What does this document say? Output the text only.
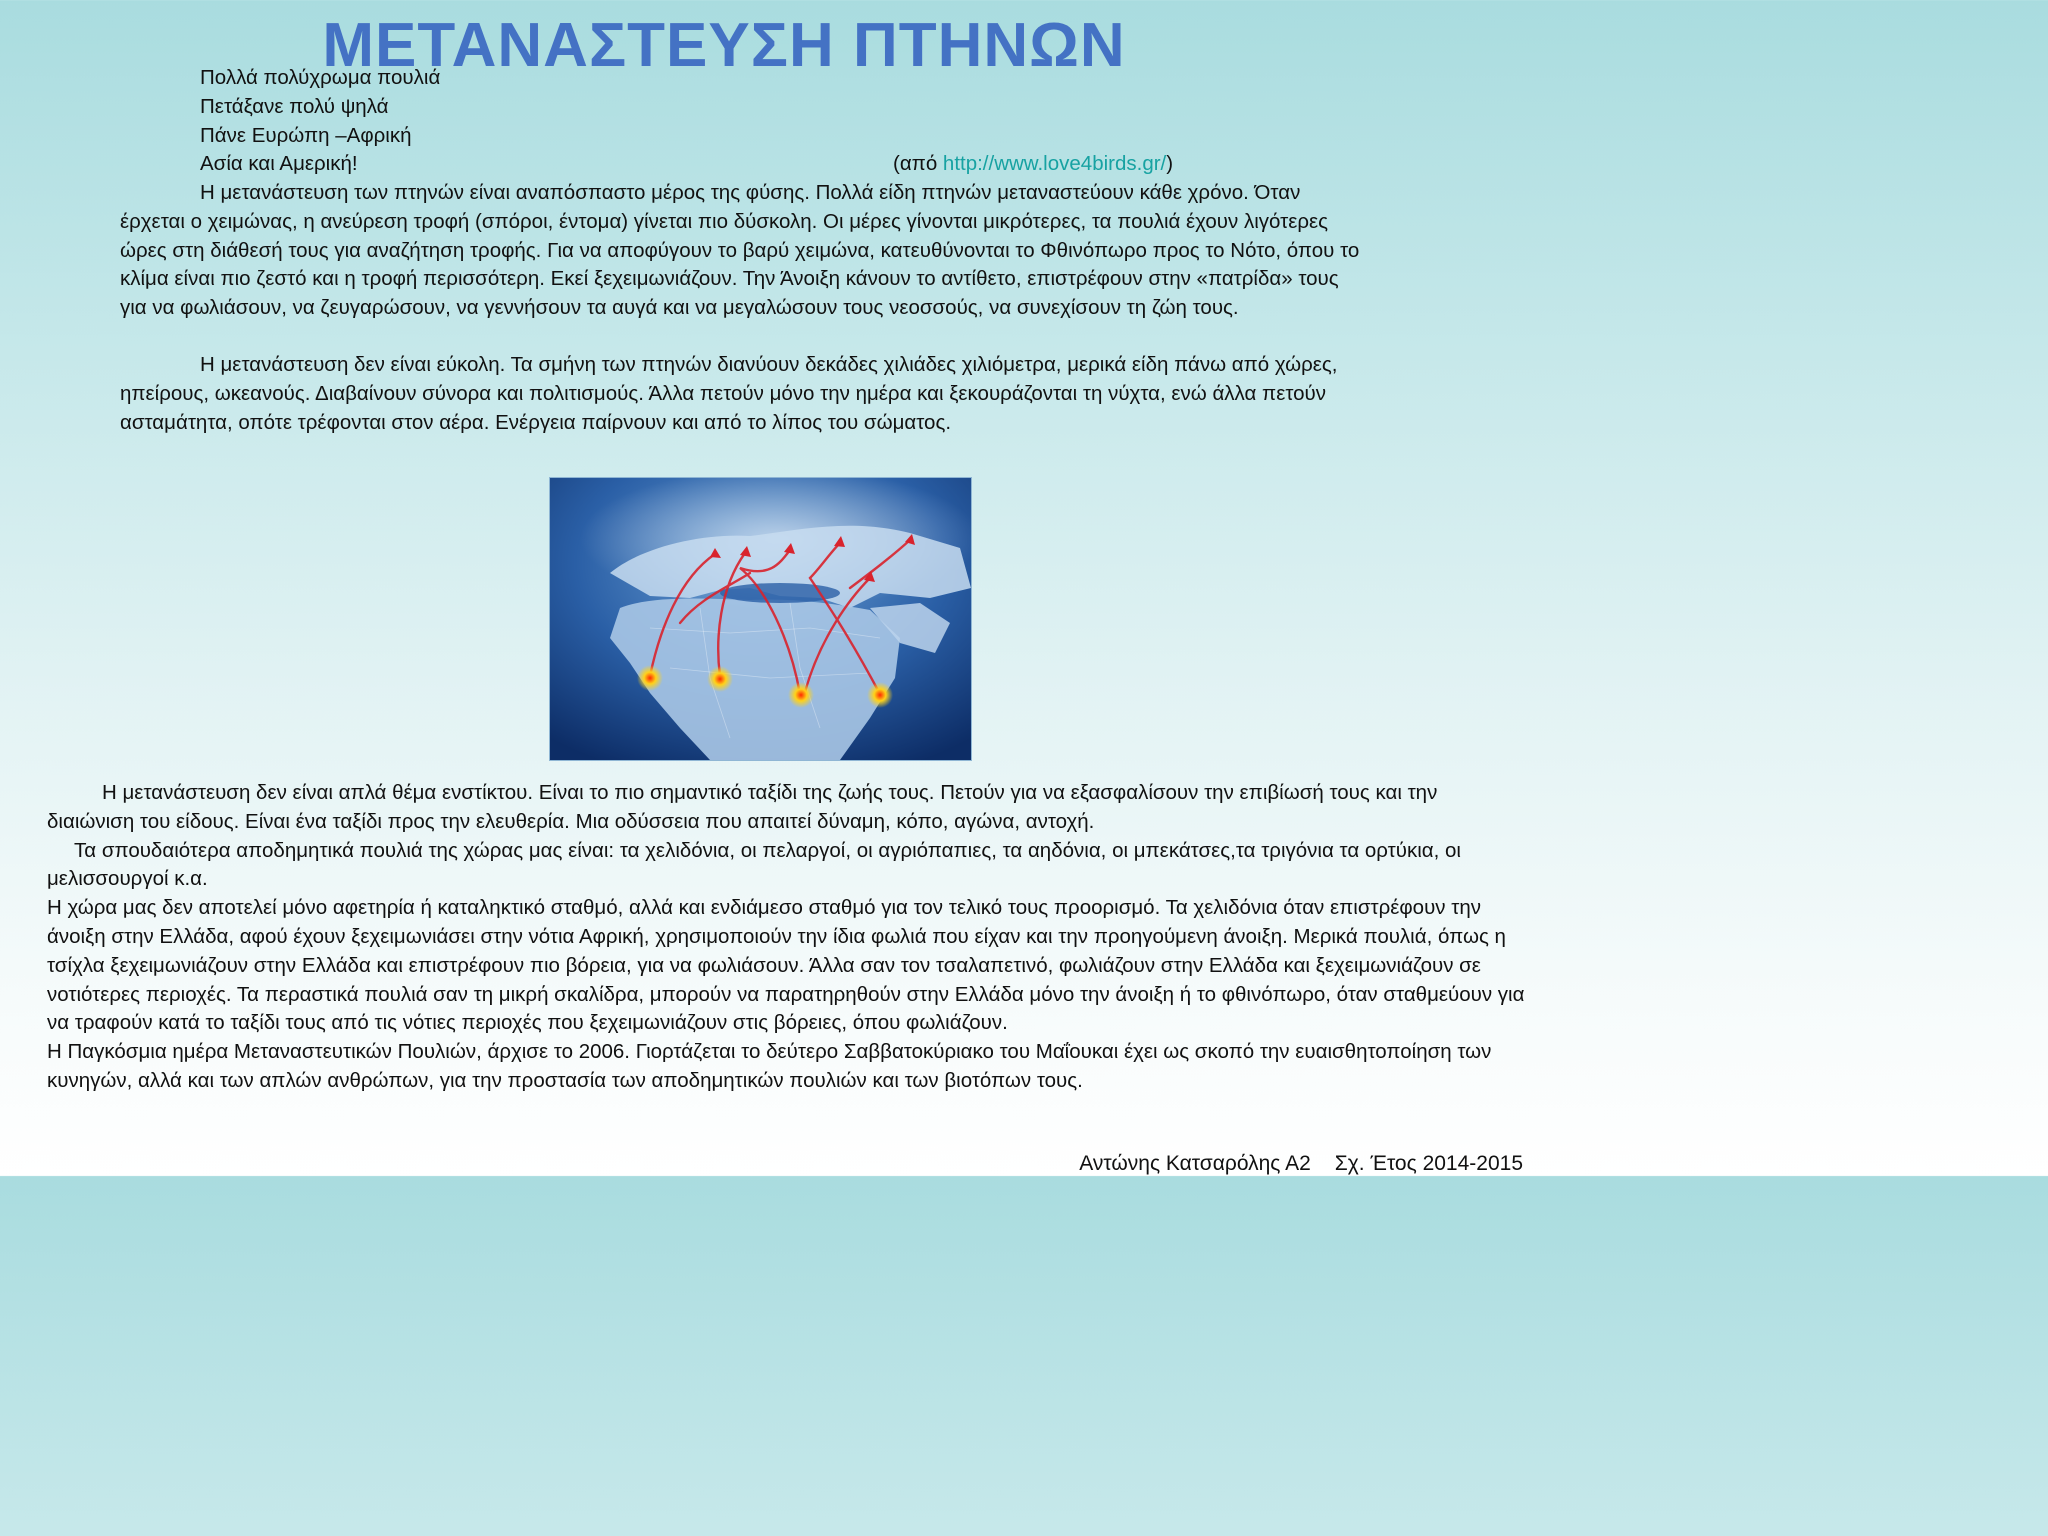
ΜΕΤΑΝΑΣΤΕΥΣΗ ΠΤΗΝΩΝ
Πολλά πολύχρωμα πουλιά
Πετάξανε πολύ ψηλά
Πάνε Ευρώπη –Αφρική
Ασία και Αμερική!	(από http://www.love4birds.gr/)

Η μετανάστευση των πτηνών είναι αναπόσπαστο μέρος της φύσης. Πολλά είδη πτηνών μεταναστεύουν κάθε χρόνο. Όταν έρχεται ο χειμώνας, η ανεύρεση τροφή (σπόροι, έντομα) γίνεται πιο δύσκολη. Οι μέρες γίνονται μικρότερες, τα πουλιά έχουν λιγότερες ώρες στη διάθεσή τους για αναζήτηση τροφής. Για να αποφύγουν το βαρύ χειμώνα, κατευθύνονται το Φθινόπωρο προς το Νότο, όπου το κλίμα είναι πιο ζεστό και η τροφή περισσότερη. Εκεί ξεχειμωνιάζουν. Την Άνοιξη κάνουν το αντίθετο, επιστρέφουν στην «πατρίδα» τους για να φωλιάσουν, να ζευγαρώσουν, να γεννήσουν τα αυγά και να μεγαλώσουν τους νεοσσούς, να συνεχίσουν τη ζώη τους.

Η μετανάστευση δεν είναι εύκολη. Τα σμήνη των πτηνών διανύουν δεκάδες χιλιάδες χιλιόμετρα, μερικά είδη πάνω από χώρες, ηπείρους, ωκεανούς. Διαβαίνουν σύνορα και πολιτισμούς. Άλλα πετούν μόνο την ημέρα και ξεκουράζονται τη νύχτα, ενώ άλλα πετούν ασταμάτητα, οπότε τρέφονται στον αέρα. Ενέργεια παίρνουν και από το λίπος του σώματος.

Η μετανάστευση δεν είναι απλά θέμα ενστίκτου. Είναι το πιο σημαντικό ταξίδι της ζωής τους. Πετούν για να εξασφαλίσουν την επιβίωσή τους και την διαιώνιση του είδους. Είναι ένα ταξίδι προς την ελευθερία. Μια οδύσσεια που απαιτεί δύναμη, κόπο, αγώνα, αντοχή.

Τα σπουδαιότερα αποδημητικά πουλιά της χώρας μας είναι: τα χελιδόνια, οι πελαργοί, οι αγριόπαπιες, τα αηδόνια, οι μπεκάτσες,τα τριγόνια τα ορτύκια, οι μελισσουργοί κ.α.

Η χώρα μας δεν αποτελεί μόνο αφετηρία ή καταληκτικό σταθμό, αλλά και ενδιάμεσο σταθμό για τον τελικό τους προορισμό. Τα χελιδόνια όταν επιστρέφουν την άνοιξη στην Ελλάδα, αφού έχουν ξεχειμωνιάσει στην νότια Αφρική, χρησιμοποιούν την ίδια φωλιά που είχαν και την προηγούμενη άνοιξη. Μερικά πουλιά, όπως η τσίχλα ξεχειμωνιάζουν στην Ελλάδα και επιστρέφουν πιο βόρεια, για να φωλιάσουν. Άλλα σαν τον τσαλαπετινό, φωλιάζουν στην Ελλάδα και ξεχειμωνιάζουν σε νοτιότερες περιοχές. Τα περαστικά πουλιά σαν τη μικρή σκαλίδρα, μπορούν να παρατηρηθούν στην Ελλάδα μόνο την άνοιξη ή το φθινόπωρο, όταν σταθμεύουν για να τραφούν κατά το ταξίδι τους από τις νότιες περιοχές που ξεχειμωνιάζουν στις βόρειες, όπου φωλιάζουν.

Η Παγκόσμια ημέρα Μεταναστευτικών Πουλιών, άρχισε το 2006. Γιορτάζεται το δεύτερο Σαββατοκύριακο του Μαΐουκαι έχει ως σκοπό την ευαισθητοποίηση των κυνηγών, αλλά και των απλών ανθρώπων, για την προστασία των αποδημητικών πουλιών και των βιοτόπων τους.

Αντώνης Κατσαρόλης Α2 Σχ. Έτος 2014-2015
